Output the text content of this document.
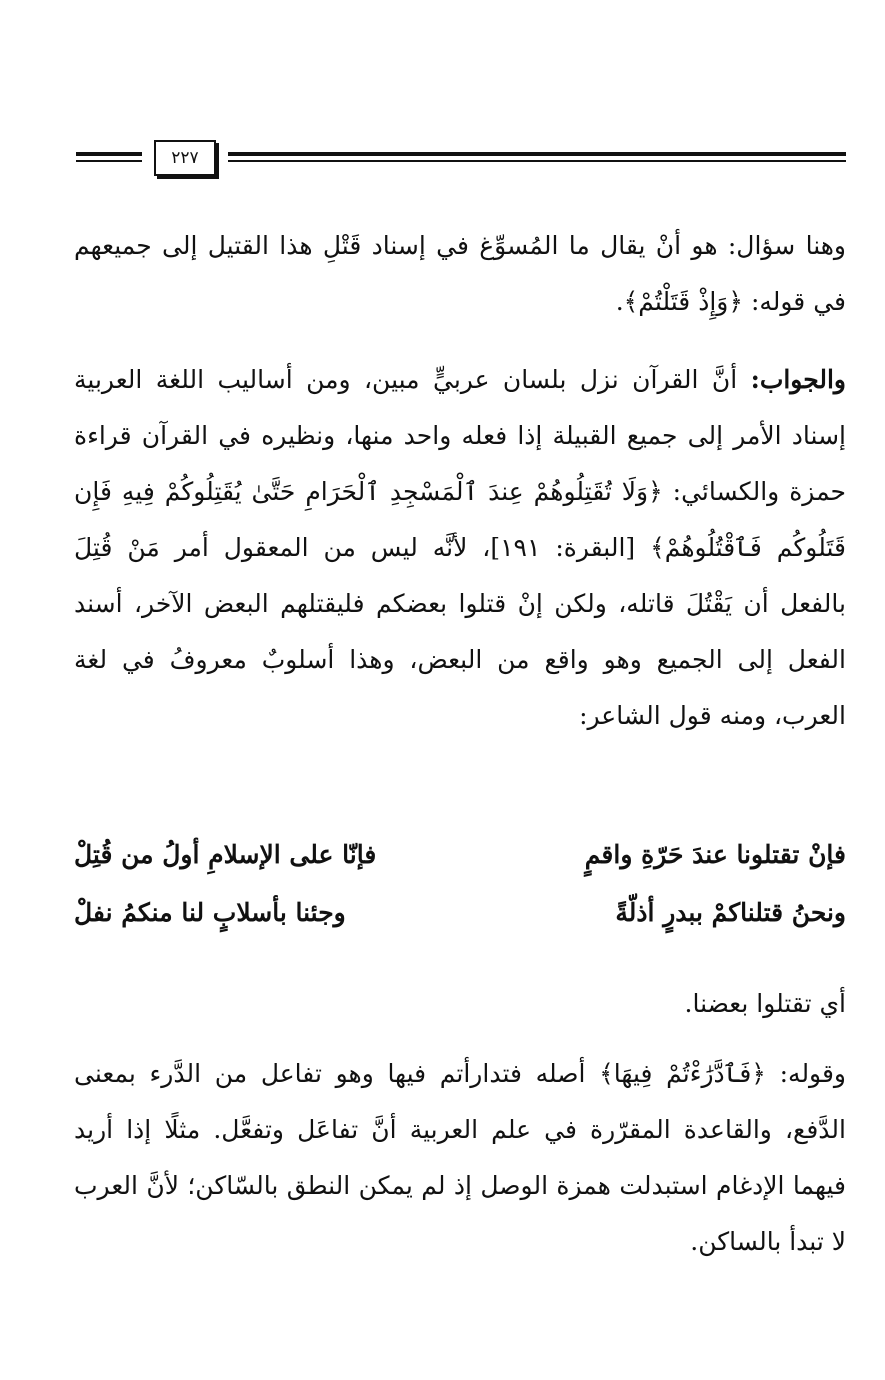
٢٢٧

وهنا سؤال: هو أنْ يقال ما المُسوِّغ في إسناد قَتْلِ هذا القتيل إلى جميعهم في قوله: ﴿وَإِذْ قَتَلْتُمْ﴾.

والجواب: أنَّ القرآن نزل بلسان عربيٍّ مبين، ومن أساليب اللغة العربية إسناد الأمر إلى جميع القبيلة إذا فعله واحد منها، ونظيره في القرآن قراءة حمزة والكسائي: ﴿وَلَا تُقَتِلُوهُمْ عِندَ ٱلْمَسْجِدِ ٱلْحَرَامِ حَتَّىٰ يُقَتِلُوكُمْ فِيهِ فَإِن قَتَلُوكُم فَٱقْتُلُوهُمْ﴾ [البقرة: ١٩١]، لأنَّه ليس من المعقول أمر مَنْ قُتِلَ بالفعل أن يَقْتُلَ قاتله، ولكن إنْ قتلوا بعضكم فليقتلهم البعض الآخر، أسند الفعل إلى الجميع وهو واقع من البعض، وهذا أسلوبٌ معروفُ في لغة العرب، ومنه قول الشاعر:

فإنْ تقتلونا عندَ حَرّةِ واقمٍ
فإنّا على الإسلامِ أولُ من قُتِلْ
ونحنُ قتلناكمْ ببدرٍ أذلّةً
وجئنا بأسلابٍ لنا منكمُ نفلْ

أي تقتلوا بعضنا.

وقوله: ﴿فَٱدَّرَٰءْتُمْ فِيهَا﴾ أصله فتدارأتم فيها وهو تفاعل من الدَّرء بمعنى الدَّفع، والقاعدة المقرّرة في علم العربية أنَّ تفاعَل وتفعَّل. مثلًا إذا أريد فيهما الإدغام استبدلت همزة الوصل إذ لم يمكن النطق بالسّاكن؛ لأنَّ العرب لا تبدأ بالساكن.
